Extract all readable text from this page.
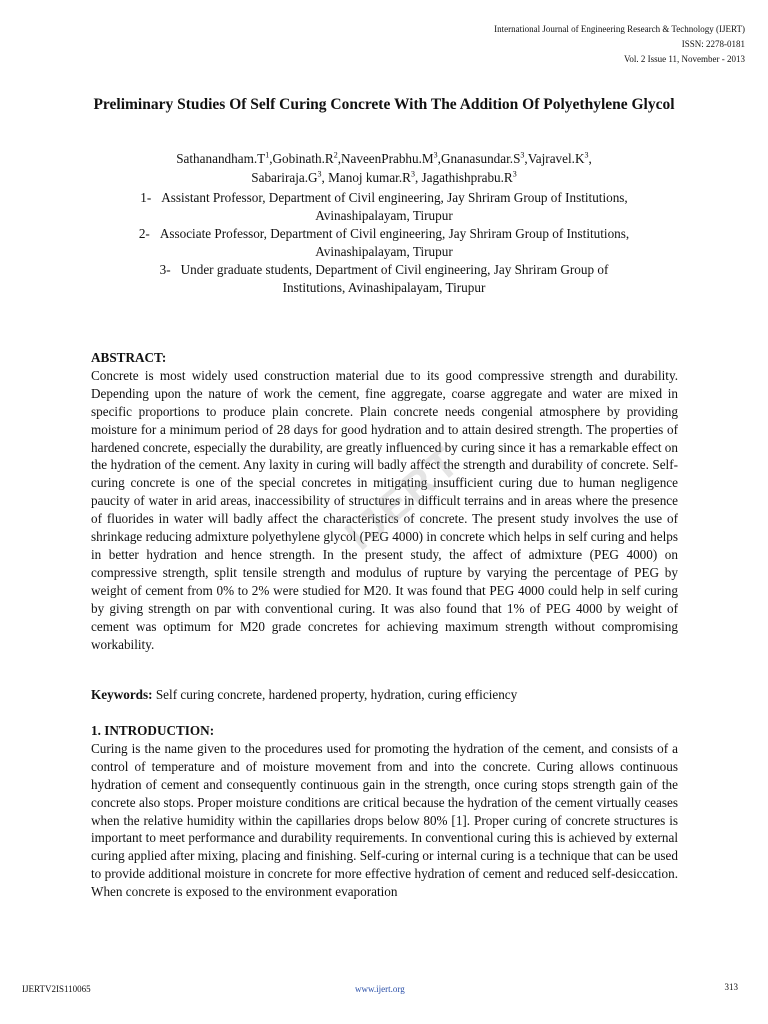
International Journal of Engineering Research & Technology (IJERT)
ISSN: 2278-0181
Vol. 2 Issue 11, November - 2013
Preliminary Studies Of Self Curing Concrete With The Addition Of Polyethylene Glycol
$Sathanandham.T^1,Gobinath.R^2,NaveenPrabhu.M^3,Gnanasundar.S^3,Vajravel.K^3$,
$Sabariraja.G^3$, Manoj $kumar.R^3$, $Jagathishprabu.R^3$
1- Assistant Professor, Department of Civil engineering, Jay Shriram Group of Institutions,
Avinashipalayam, Tirupur
2- Associate Professor, Department of Civil engineering, Jay Shriram Group of Institutions,
Avinashipalayam, Tirupur
3- Under graduate students, Department of Civil engineering, Jay Shriram Group of
Institutions, Avinashipalayam, Tirupur
ABSTRACT:
Concrete is most widely used construction material due to its good compressive strength and durability. Depending upon the nature of work the cement, fine aggregate, coarse aggregate and water are mixed in specific proportions to produce plain concrete. Plain concrete needs congenial atmosphere by providing moisture for a minimum period of 28 days for good hydration and to attain desired strength. The properties of hardened concrete, especially the durability, are greatly influenced by curing since it has a remarkable effect on the hydration of the cement. Any laxity in curing will badly affect the strength and durability of concrete. Self-curing concrete is one of the special concretes in mitigating insufficient curing due to human negligence paucity of water in arid areas, inaccessibility of structures in difficult terrains and in areas where the presence of fluorides in water will badly affect the characteristics of concrete. The present study involves the use of shrinkage reducing admixture polyethylene glycol (PEG 4000) in concrete which helps in self curing and helps in better hydration and hence strength. In the present study, the affect of admixture (PEG 4000) on compressive strength, split tensile strength and modulus of rupture by varying the percentage of PEG by weight of cement from 0% to 2% were studied for M20. It was found that PEG 4000 could help in self curing by giving strength on par with conventional curing. It was also found that 1% of PEG 4000 by weight of cement was optimum for M20 grade concretes for achieving maximum strength without compromising workability.
Keywords: Self curing concrete, hardened property, hydration, curing efficiency
1. INTRODUCTION:
Curing is the name given to the procedures used for promoting the hydration of the cement, and consists of a control of temperature and of moisture movement from and into the concrete. Curing allows continuous hydration of cement and consequently continuous gain in the strength, once curing stops strength gain of the concrete also stops. Proper moisture conditions are critical because the hydration of the cement virtually ceases when the relative humidity within the capillaries drops below 80% [1]. Proper curing of concrete structures is important to meet performance and durability requirements. In conventional curing this is achieved by external curing applied after mixing, placing and finishing. Self-curing or internal curing is a technique that can be used to provide additional moisture in concrete for more effective hydration of cement and reduced self-desiccation. When concrete is exposed to the environment evaporation
IJERT
IJERTV2IS110065	www.ijert.org	313
